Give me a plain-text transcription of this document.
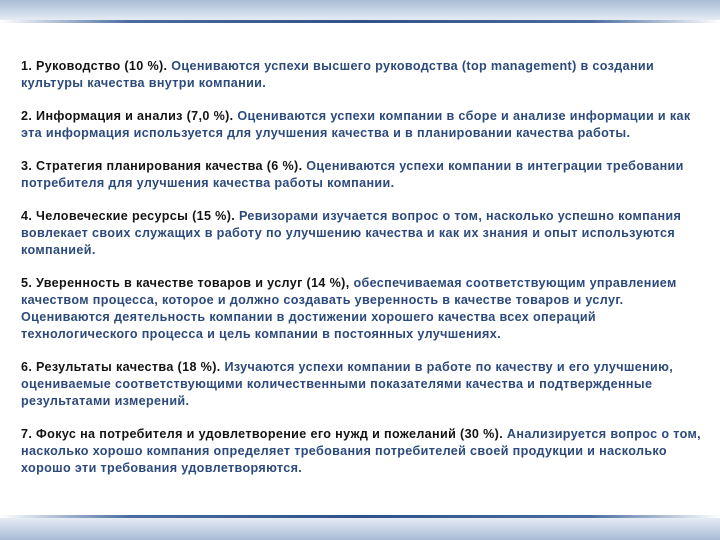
1. Руководство (10 %). Оцениваются успехи высшего руководства (top management) в создании культуры качества внутри компании.

2. Информация и анализ (7,0 %). Оцениваются успехи компании в сборе и анализе информации и как эта информация используется для улучшения качества и в планировании качества работы.

3. Стратегия планирования качества (6 %). Оцениваются успехи компании в интеграции требовании потребителя для улучшения качества работы компании.

4. Человеческие ресурсы (15 %). Ревизорами изучается вопрос о том, насколько успешно компания вовлекает своих служащих в работу по улучшению качества и как их знания и опыт используются компанией.

5. Уверенность в качестве товаров и услуг (14 %), обеспечиваемая соответствующим управлением качеством процесса, которое и должно создавать уверенность в качестве товаров и услуг. Оцениваются деятельность компании в достижении хорошего качества всех операций технологического процесса и цель компании в постоянных улучшениях.

6. Результаты качества (18 %). Изучаются успехи компании в работе по качеству и его улучшению, оцениваемые соответствующими количественными показателями качества и подтвержденные результатами измерений.

7. Фокус на потребителя и удовлетворение его нужд и пожеланий (30 %). Анализируется вопрос о том, насколько хорошо компания определяет требования потребителей своей продукции и насколько хорошо эти требования удовлетворяются.
